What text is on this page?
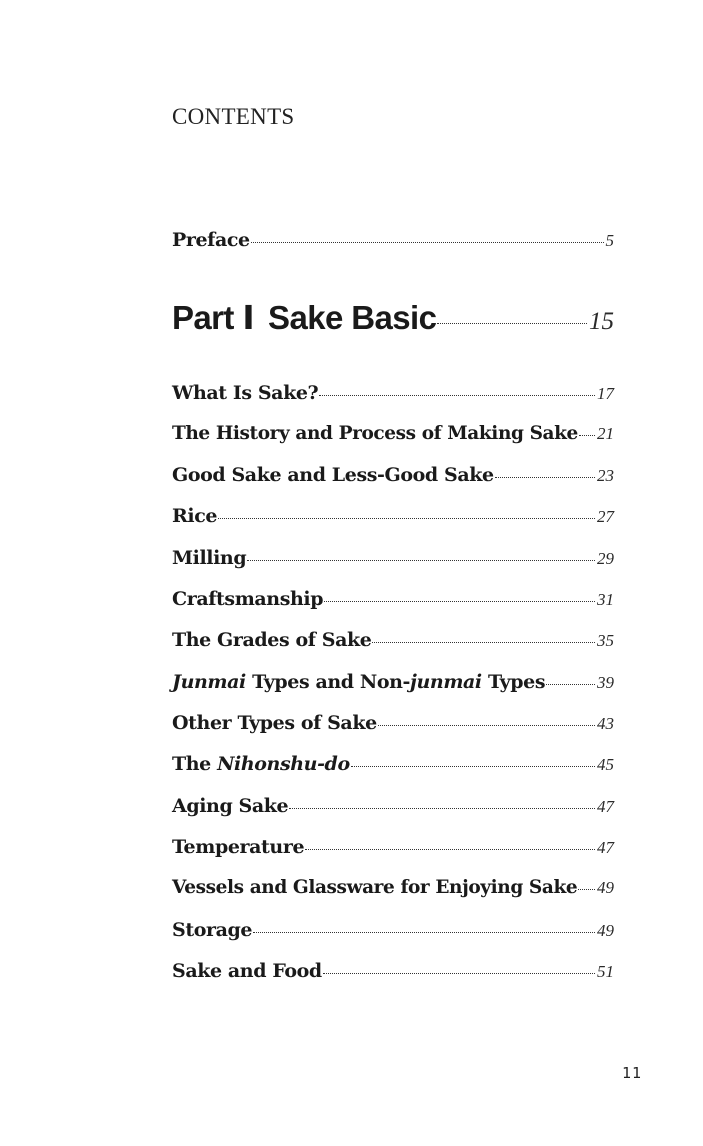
CONTENTS
Preface	5
Part Ⅰ Sake Basic	15
What Is Sake?	17
The History and Process of Making Sake 21
Good Sake and Less-Good Sake	23
Rice	27
Milling	29
Craftsmanship	31
The Grades of Sake	35
Junmai Types and Non-junmai Types	39
Other Types of Sake	43
The Nihonshu-do	45
Aging Sake	47
Temperature	47
Vessels and Glassware for Enjoying Sake 49
Storage	49
Sake and Food	51
11
